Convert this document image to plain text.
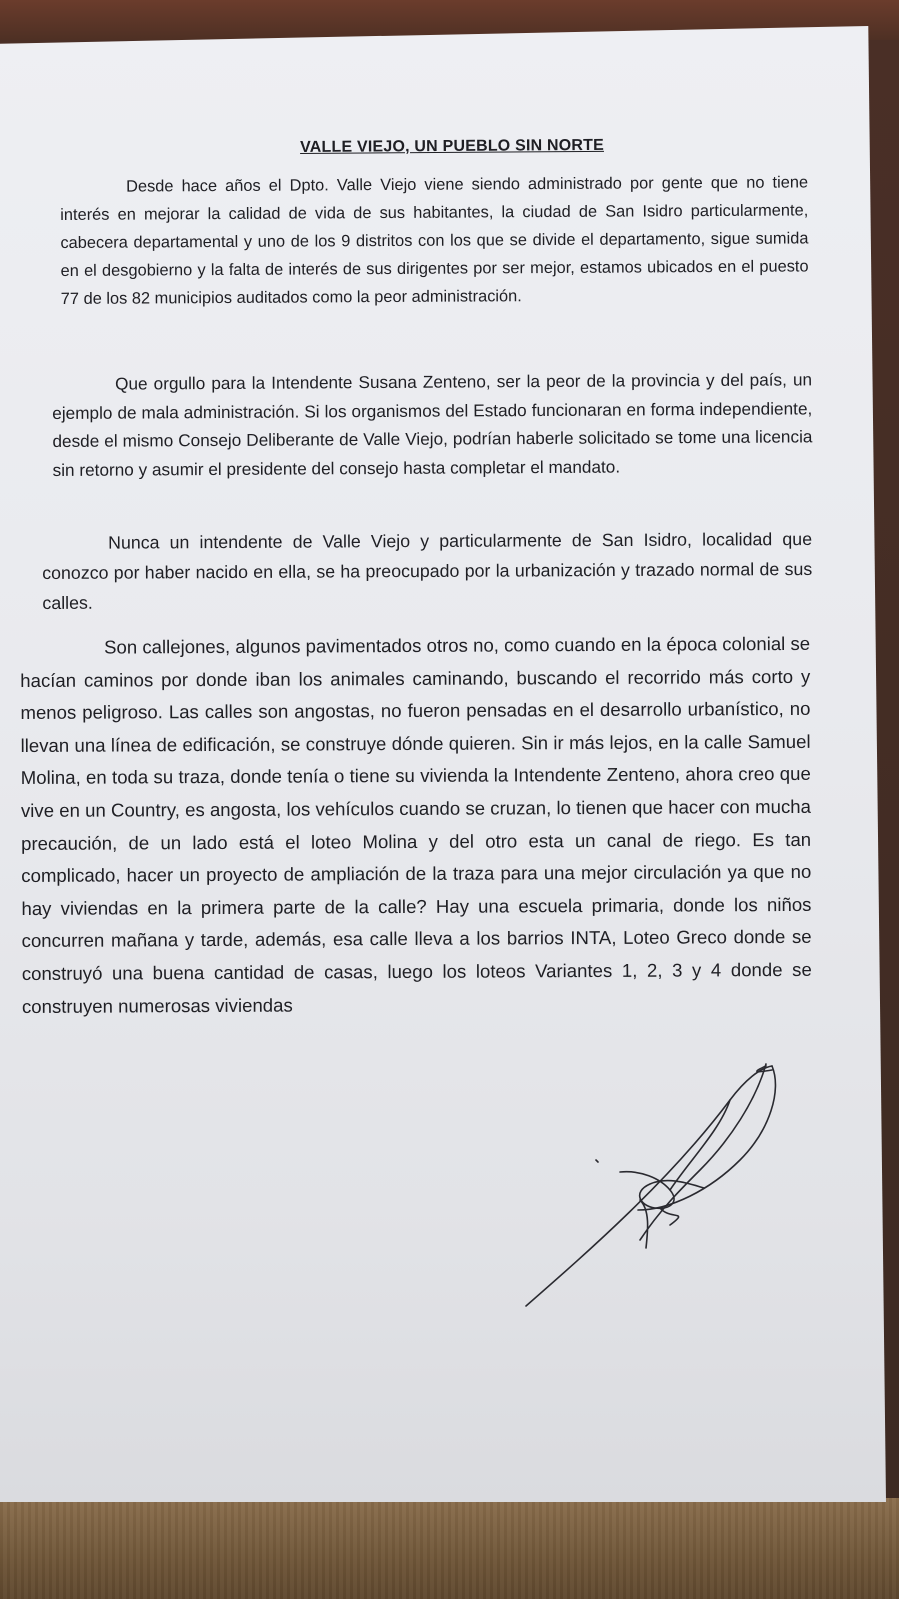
VALLE VIEJO, UN PUEBLO SIN NORTE

Desde hace años el Dpto. Valle Viejo viene siendo administrado por gente que no tiene interés en mejorar la calidad de vida de sus habitantes, la ciudad de San Isidro particularmente, cabecera departamental y uno de los 9 distritos con los que se divide el departamento, sigue sumida en el desgobierno y la falta de interés de sus dirigentes por ser mejor, estamos ubicados en el puesto 77 de los 82 municipios auditados como la peor administración.

Que orgullo para la Intendente Susana Zenteno, ser la peor de la provincia y del país, un ejemplo de mala administración. Si los organismos del Estado funcionaran en forma independiente, desde el mismo Consejo Deliberante de Valle Viejo, podrían haberle solicitado se tome una licencia sin retorno y asumir el presidente del consejo hasta completar el mandato.

Nunca un intendente de Valle Viejo y particularmente de San Isidro, localidad que conozco por haber nacido en ella, se ha preocupado por la urbanización y trazado normal de sus calles.

Son callejones, algunos pavimentados otros no, como cuando en la época colonial se hacían caminos por donde iban los animales caminando, buscando el recorrido más corto y menos peligroso. Las calles son angostas, no fueron pensadas en el desarrollo urbanístico, no llevan una línea de edificación, se construye dónde quieren. Sin ir más lejos, en la calle Samuel Molina, en toda su traza, donde tenía o tiene su vivienda la Intendente Zenteno, ahora creo que vive en un Country, es angosta, los vehículos cuando se cruzan, lo tienen que hacer con mucha precaución, de un lado está el loteo Molina y del otro esta un canal de riego. Es tan complicado, hacer un proyecto de ampliación de la traza para una mejor circulación ya que no hay viviendas en la primera parte de la calle? Hay una escuela primaria, donde los niños concurren mañana y tarde, además, esa calle lleva a los barrios INTA, Loteo Greco donde se construyó una buena cantidad de casas, luego los loteos Variantes 1, 2, 3 y 4 donde se construyen numerosas viviendas
